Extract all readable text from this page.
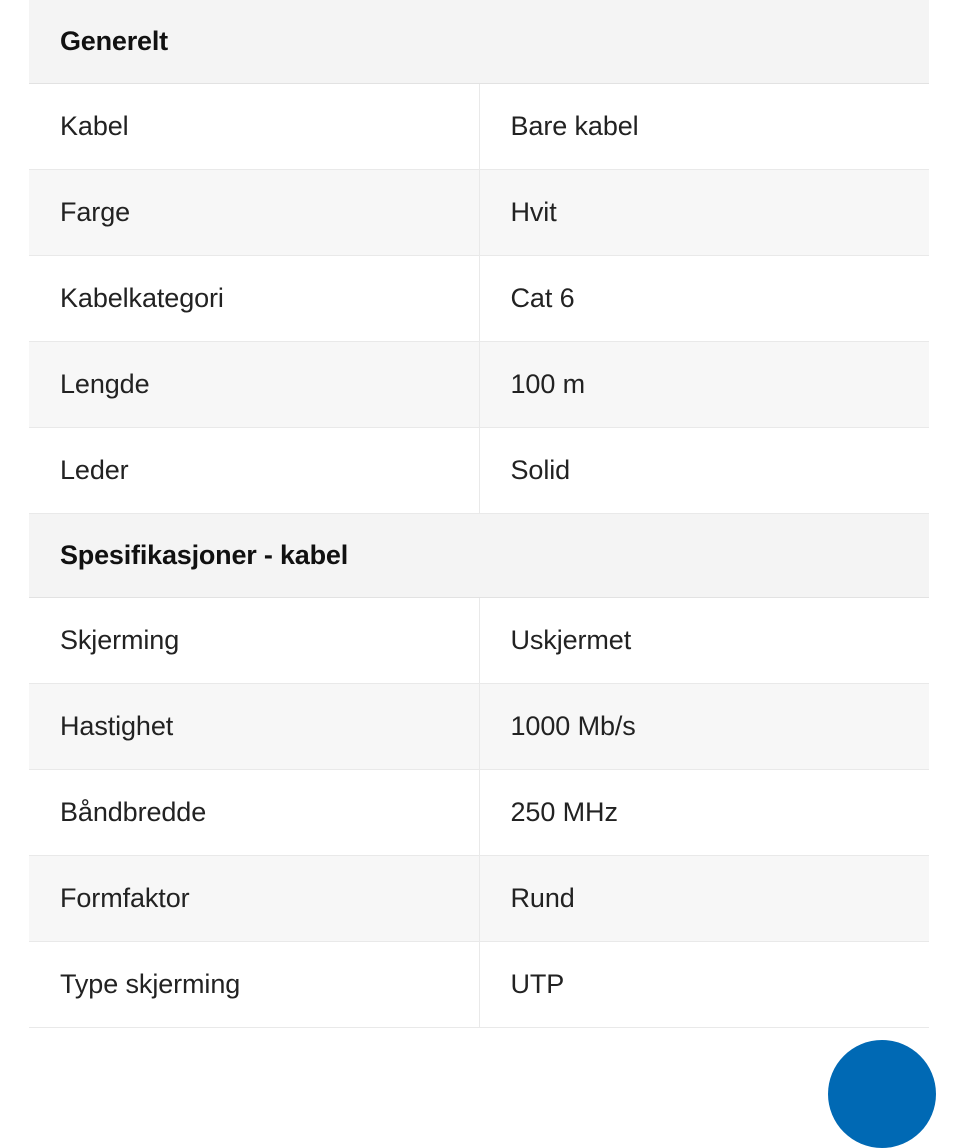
Generelt	
Kabel	Bare kabel
Farge	Hvit
Kabelkategori	Cat 6
Lengde	100 m
Leder	Solid
Spesifikasjoner - kabel	
Skjerming	Uskjermet
Hastighet	1000 Mb/s
Båndbredde	250 MHz
Formfaktor	Rund
Type skjerming	UTP
